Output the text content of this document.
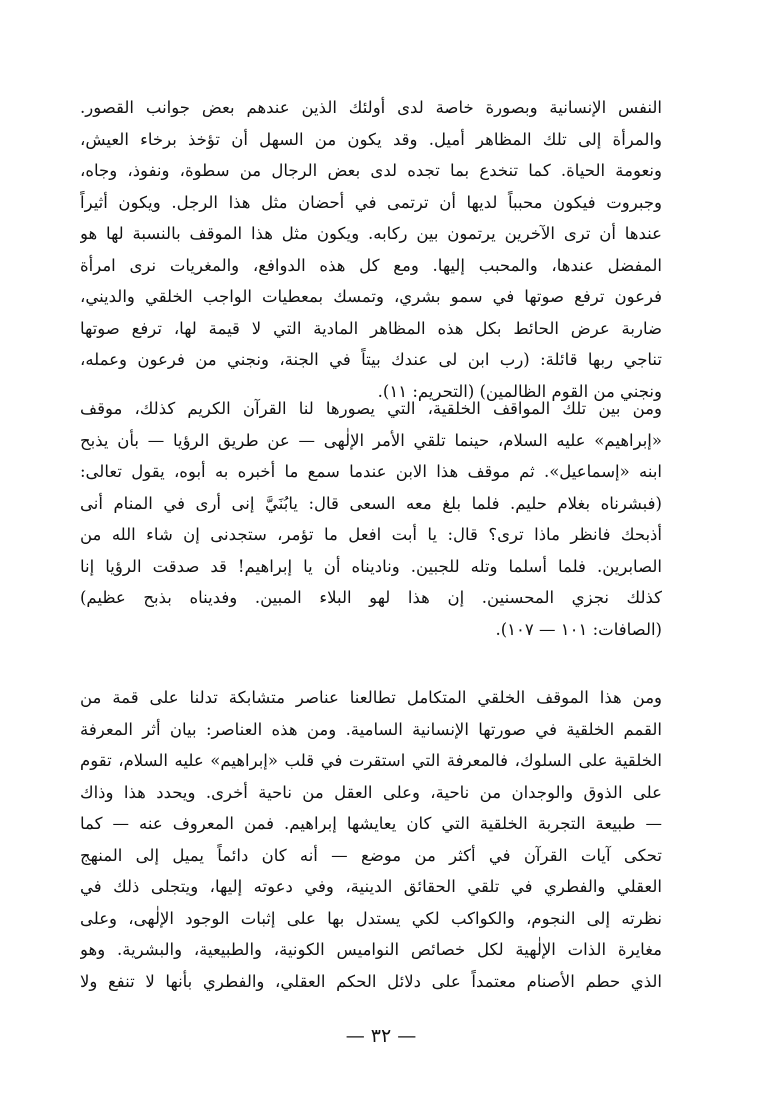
النفس الإنسانية وبصورة خاصة لدى أولئك الذين عندهم بعض جوانب القصور.
والمرأة إلى تلك المظاهر أميل. وقد يكون من السهل أن تؤخذ برخاء العيش،
ونعومة الحياة. كما تنخدع بما تجده لدى بعض الرجال من سطوة، ونفوذ، وجاه،
وجبروت فيكون محبباً لديها أن ترتمى في أحضان مثل هذا الرجل. ويكون أثيراً
عندها أن ترى الآخرين يرتمون بين ركابه. ويكون مثل هذا الموقف بالنسبة لها هو
المفضل عندها، والمحبب إليها. ومع كل هذه الدوافع، والمغريات نرى امرأة
فرعون ترفع صوتها في سمو بشري، وتمسك بمعطيات الواجب الخلقي والديني،
ضاربة عرض الحائط بكل هذه المظاهر المادية التي لا قيمة لها، ترفع صوتها
تناجي ربها قائلة: (رب ابن لى عندك بيتاً في الجنة، ونجني من فرعون وعمله،
ونجني من القوم الظالمين) (التحريم: ١١).
ومن بين تلك المواقف الخلقية، التي يصورها لنا القرآن الكريم كذلك، موقف
«إبراهيم» عليه السلام، حينما تلقي الأمر الإلٰهى — عن طريق الرؤيا — بأن يذبح
ابنه «إسماعيل». ثم موقف هذا الابن عندما سمع ما أخبره به أبوه، يقول تعالى:
(فبشرناه بغلام حليم. فلما بلغ معه السعى قال: يابُنَيَّ إنى أرى في المنام أنى
أذبحك فانظر ماذا ترى؟ قال: يا أبت افعل ما تؤمر، ستجدنى إن شاء الله من
الصابرين. فلما أسلما وتله للجبين. وناديناه أن يا إبراهيم! قد صدقت الرؤيا إنا
كذلك نجزي المحسنين. إن هذا لهو البلاء المبين. وفديناه بذبح عظيم)
(الصافات: ١٠١ — ١٠٧).
ومن هذا الموقف الخلقي المتكامل تطالعنا عناصر متشابكة تدلنا على قمة من
القمم الخلقية في صورتها الإنسانية السامية. ومن هذه العناصر: بيان أثر المعرفة
الخلقية على السلوك، فالمعرفة التي استقرت في قلب «إبراهيم» عليه السلام، تقوم
على الذوق والوجدان من ناحية، وعلى العقل من ناحية أخرى. ويحدد هذا وذاك
— طبيعة التجربة الخلقية التي كان يعايشها إبراهيم. فمن المعروف عنه — كما
تحكى آيات القرآن في أكثر من موضع — أنه كان دائماً يميل إلى المنهج
العقلي والفطري في تلقي الحقائق الدينية، وفي دعوته إليها، ويتجلى ذلك في
نظرته إلى النجوم، والكواكب لكي يستدل بها على إثبات الوجود الإلٰهى، وعلى
مغايرة الذات الإلٰهية لكل خصائص النواميس الكونية، والطبيعية، والبشرية. وهو
الذي حطم الأصنام معتمداً على دلائل الحكم العقلي، والفطري بأنها لا تنفع ولا
— ٣٢ —
